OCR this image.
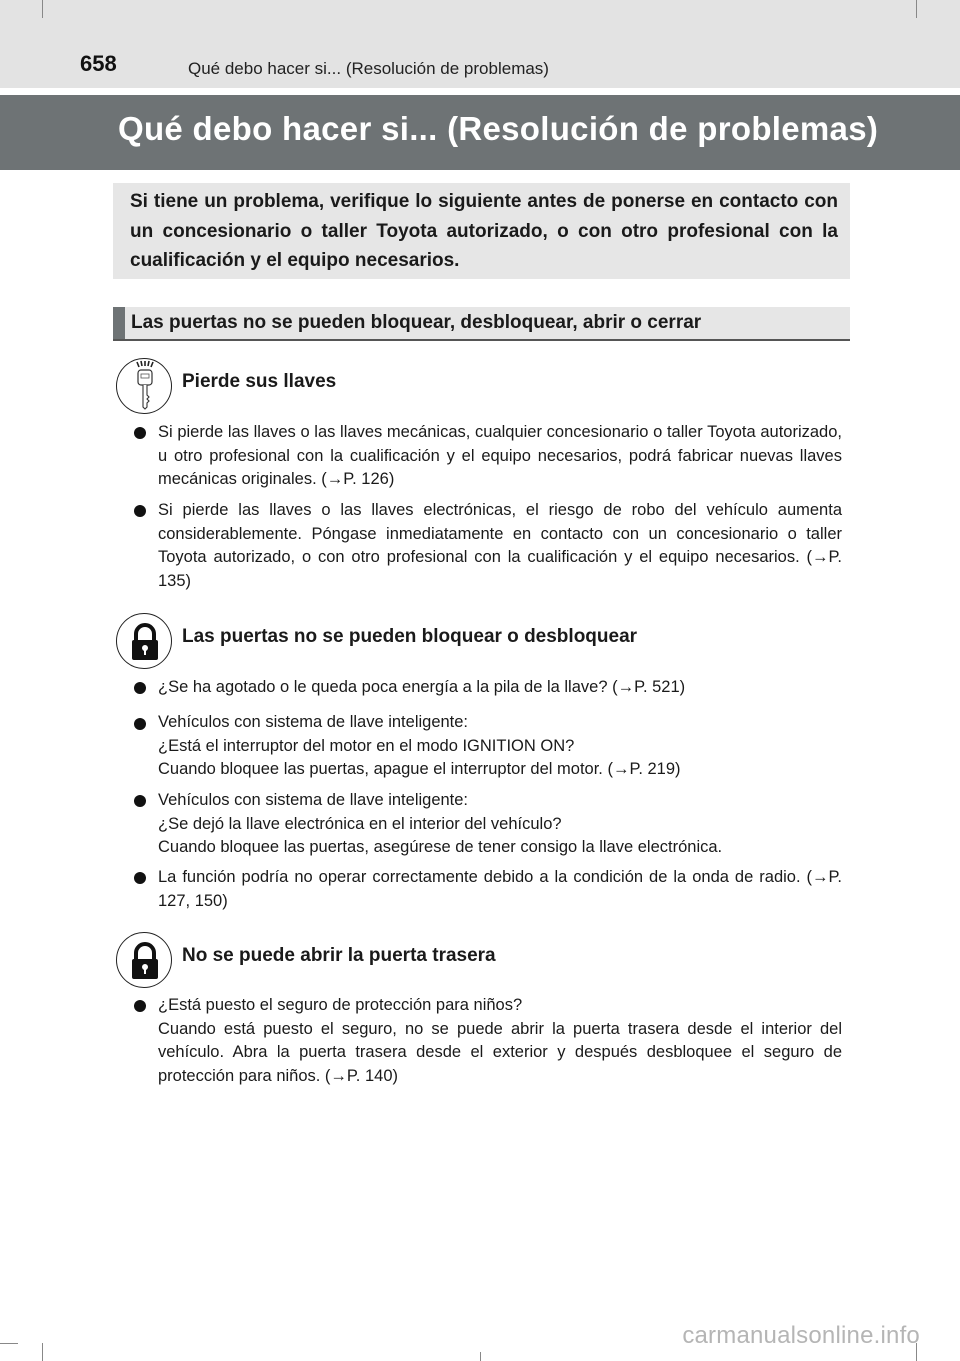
658	Qué debo hacer si... (Resolución de problemas)
Qué debo hacer si... (Resolución de problemas)
Si tiene un problema, verifique lo siguiente antes de ponerse en contacto con un concesionario o taller Toyota autorizado, o con otro profesional con la cualificación y el equipo necesarios.
Las puertas no se pueden bloquear, desbloquear, abrir o cerrar
Pierde sus llaves
Si pierde las llaves o las llaves mecánicas, cualquier concesionario o taller Toyota autorizado, u otro profesional con la cualificación y el equipo necesarios, podrá fabricar nuevas llaves mecánicas originales. (→P. 126)
Si pierde las llaves o las llaves electrónicas, el riesgo de robo del vehículo aumenta considerablemente. Póngase inmediatamente en contacto con un concesionario o taller Toyota autorizado, o con otro profesional con la cualificación y el equipo necesarios. (→P. 135)
Las puertas no se pueden bloquear o desbloquear
¿Se ha agotado o le queda poca energía a la pila de la llave? (→P. 521)
Vehículos con sistema de llave inteligente:
¿Está el interruptor del motor en el modo IGNITION ON?
Cuando bloquee las puertas, apague el interruptor del motor. (→P. 219)
Vehículos con sistema de llave inteligente:
¿Se dejó la llave electrónica en el interior del vehículo?
Cuando bloquee las puertas, asegúrese de tener consigo la llave electrónica.
La función podría no operar correctamente debido a la condición de la onda de radio. (→P. 127, 150)
No se puede abrir la puerta trasera
¿Está puesto el seguro de protección para niños?
Cuando está puesto el seguro, no se puede abrir la puerta trasera desde el interior del vehículo. Abra la puerta trasera desde el exterior y después desbloquee el seguro de protección para niños. (→P. 140)
carmanualsonline.info
